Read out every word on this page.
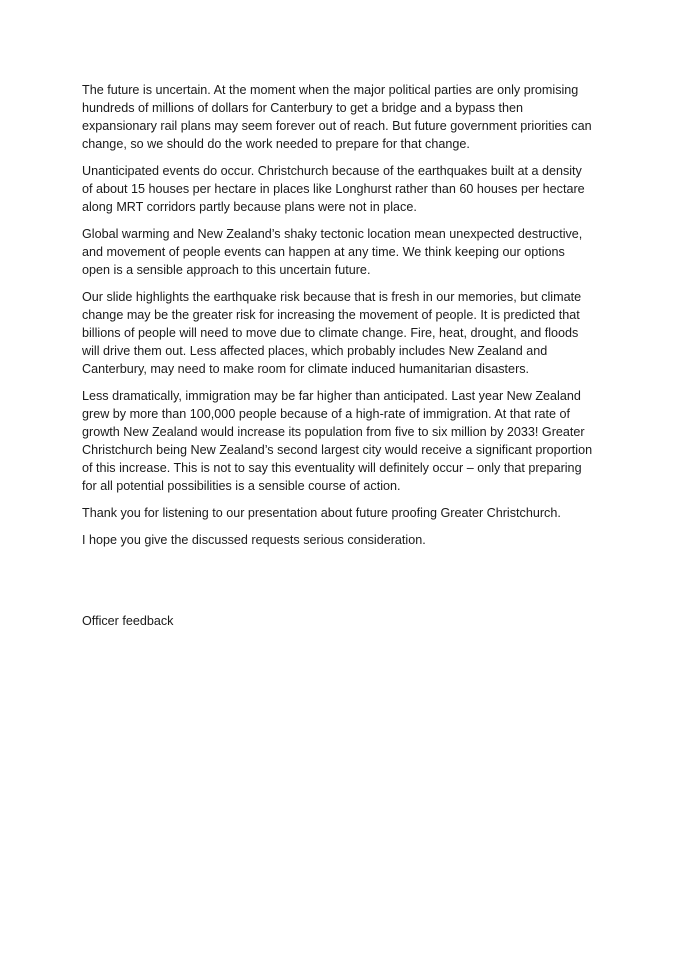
The future is uncertain. At the moment when the major political parties are only promising hundreds of millions of dollars for Canterbury to get a bridge and a bypass then expansionary rail plans may seem forever out of reach. But future government priorities can change, so we should do the work needed to prepare for that change.

Unanticipated events do occur. Christchurch because of the earthquakes built at a density of about 15 houses per hectare in places like Longhurst rather than 60 houses per hectare along MRT corridors partly because plans were not in place.

Global warming and New Zealand’s shaky tectonic location mean unexpected destructive, and movement of people events can happen at any time. We think keeping our options open is a sensible approach to this uncertain future.

Our slide highlights the earthquake risk because that is fresh in our memories, but climate change may be the greater risk for increasing the movement of people. It is predicted that billions of people will need to move due to climate change. Fire, heat, drought, and floods will drive them out. Less affected places, which probably includes New Zealand and Canterbury, may need to make room for climate induced humanitarian disasters.

Less dramatically, immigration may be far higher than anticipated. Last year New Zealand grew by more than 100,000 people because of a high-rate of immigration. At that rate of growth New Zealand would increase its population from five to six million by 2033! Greater Christchurch being New Zealand’s second largest city would receive a significant proportion of this increase. This is not to say this eventuality will definitely occur – only that preparing for all potential possibilities is a sensible course of action.

Thank you for listening to our presentation about future proofing Greater Christchurch.

I hope you give the discussed requests serious consideration.

Officer feedback
